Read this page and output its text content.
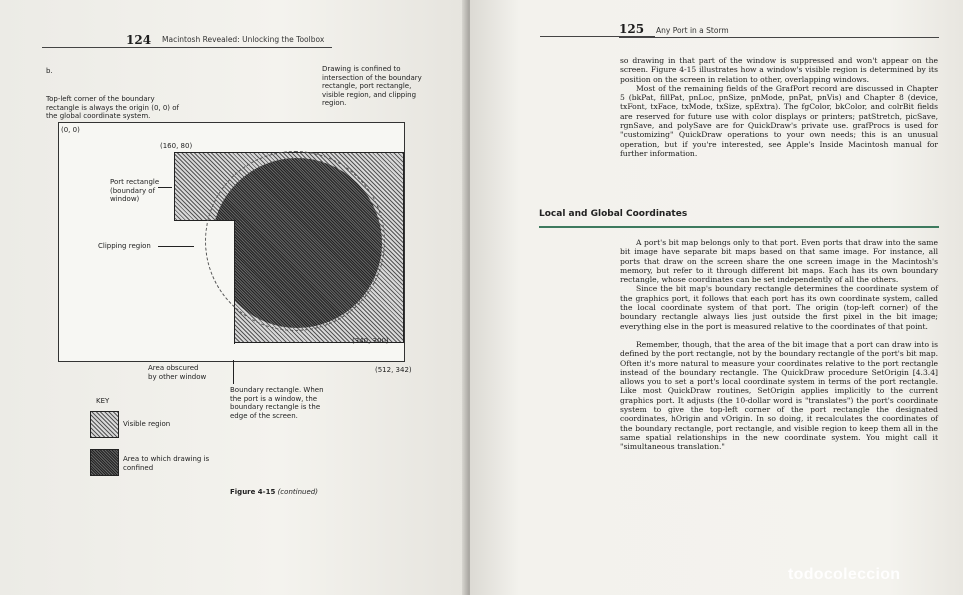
124 Macintosh Revealed: Unlocking the Toolbox
b.	Drawing is confined to intersection of the boundary rectangle, port rectangle, visible region, and clipping region.
Top-left corner of the boundary rectangle is always the origin (0, 0) of the global coordinate system.
(0, 0)
(160, 80)
Port rectangle (boundary of window)
Clipping region
(340, 300)
(512, 342)
Area obscured by other window
Boundary rectangle. When the port is a window, the boundary rectangle is the edge of the screen.
KEY
Visible region
Area to which drawing is confined
Figure 4-15 (continued)
125 Any Port in a Storm

so drawing in that part of the window is suppressed and won't appear on the screen. Figure 4-15 illustrates how a window's visible region is determined by its position on the screen in relation to other, overlapping windows.

Most of the remaining fields of the GrafPort record are discussed in Chapter 5 (bkPat, fillPat, pnLoc, pnSize, pnMode, pnPat, pnVis) and Chapter 8 (device, txFont, txFace, txMode, txSize, spExtra). The fgColor, bkColor, and colrBit fields are reserved for future use with color displays or printers; patStretch, picSave, rgnSave, and polySave are for QuickDraw's private use. grafProcs is used for "customizing" QuickDraw operations to your own needs; this is an unusual operation, but if you're interested, see Apple's Inside Macintosh manual for further information.

Local and Global Coordinates

A port's bit map belongs only to that port. Even ports that draw into the same bit image have separate bit maps based on that same image. For instance, all ports that draw on the screen share the one screen image in the Macintosh's memory, but refer to it through different bit maps. Each has its own boundary rectangle, whose coordinates can be set independently of all the others.

Since the bit map's boundary rectangle determines the coordinate system of the graphics port, it follows that each port has its own coordinate system, called the local coordinate system of that port. The origin (top-left corner) of the boundary rectangle always lies just outside the first pixel in the bit image; everything else in the port is measured relative to the coordinates of that point.

Remember, though, that the area of the bit image that a port can draw into is defined by the port rectangle, not by the boundary rectangle of the port's bit map. Often it's more natural to measure your coordinates relative to the port rectangle instead of the boundary rectangle. The QuickDraw procedure SetOrigin [4.3.4] allows you to set a port's local coordinate system in terms of the port rectangle. Like most QuickDraw routines, SetOrigin applies implicitly to the current graphics port. It adjusts (the 10-dollar word is "translates") the port's coordinate system to give the top-left corner of the port rectangle the designated coordinates, hOrigin and vOrigin. In so doing, it recalculates the coordinates of the boundary rectangle, port rectangle, and visible region to keep them all in the same spatial relationships in the new coordinate system. You might call it "simultaneous translation."

todocoleccion
